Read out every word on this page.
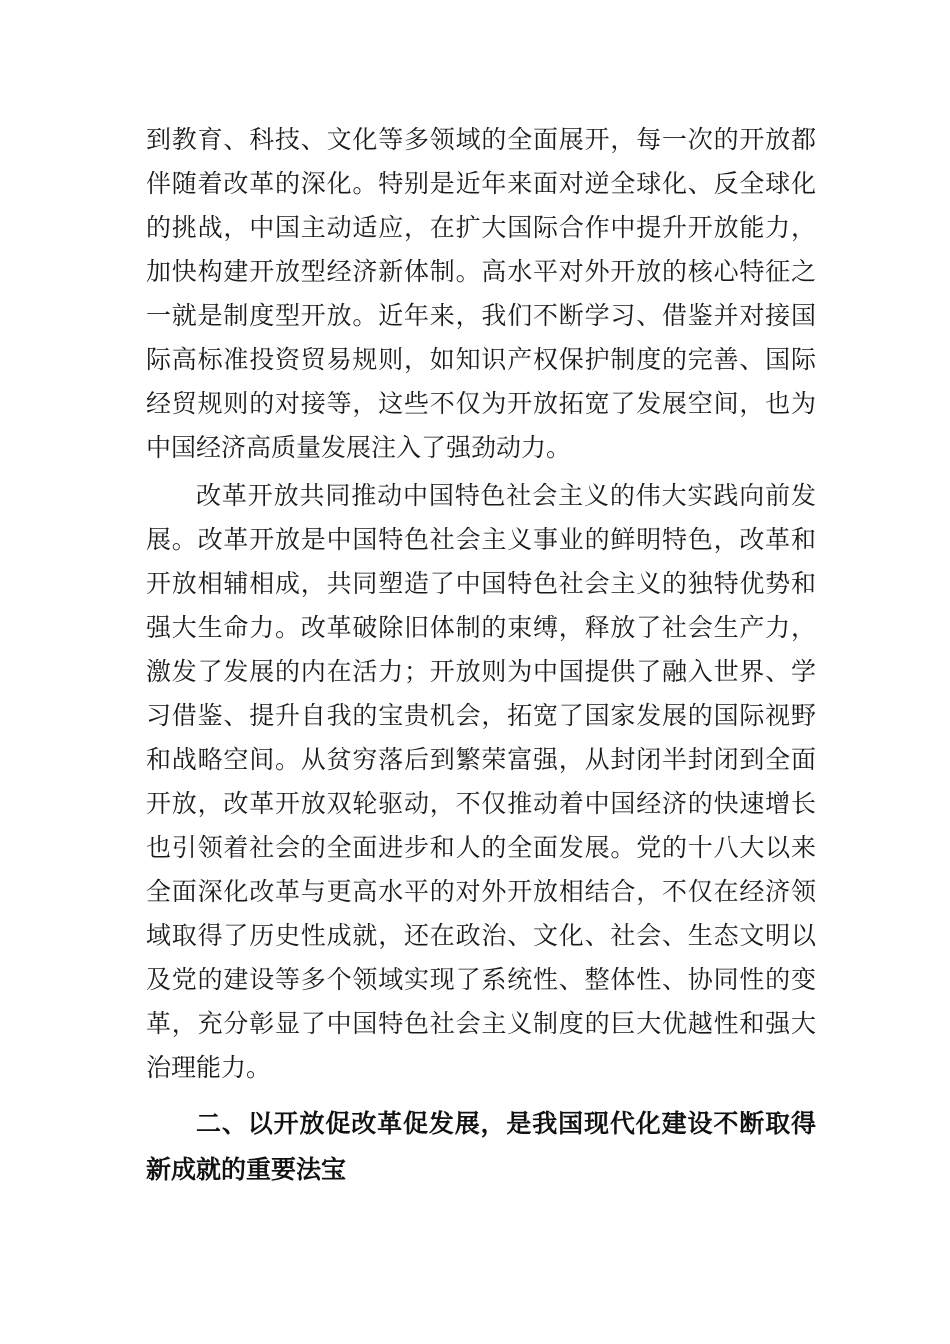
到教育、科技、文化等多领域的全面展开，每一次的开放都
伴随着改革的深化。特别是近年来面对逆全球化、反全球化
的挑战，中国主动适应，在扩大国际合作中提升开放能力，
加快构建开放型经济新体制。高水平对外开放的核心特征之
一就是制度型开放。近年来，我们不断学习、借鉴并对接国
际高标准投资贸易规则，如知识产权保护制度的完善、国际
经贸规则的对接等，这些不仅为开放拓宽了发展空间，也为
中国经济高质量发展注入了强劲动力。
改革开放共同推动中国特色社会主义的伟大实践向前发
展。改革开放是中国特色社会主义事业的鲜明特色，改革和
开放相辅相成，共同塑造了中国特色社会主义的独特优势和
强大生命力。改革破除旧体制的束缚，释放了社会生产力，
激发了发展的内在活力；开放则为中国提供了融入世界、学
习借鉴、提升自我的宝贵机会，拓宽了国家发展的国际视野
和战略空间。从贫穷落后到繁荣富强，从封闭半封闭到全面
开放，改革开放双轮驱动，不仅推动着中国经济的快速增长
也引领着社会的全面进步和人的全面发展。党的十八大以来
全面深化改革与更高水平的对外开放相结合，不仅在经济领
域取得了历史性成就，还在政治、文化、社会、生态文明以
及党的建设等多个领域实现了系统性、整体性、协同性的变
革，充分彰显了中国特色社会主义制度的巨大优越性和强大
治理能力。
二、以开放促改革促发展，是我国现代化建设不断取得
新成就的重要法宝
